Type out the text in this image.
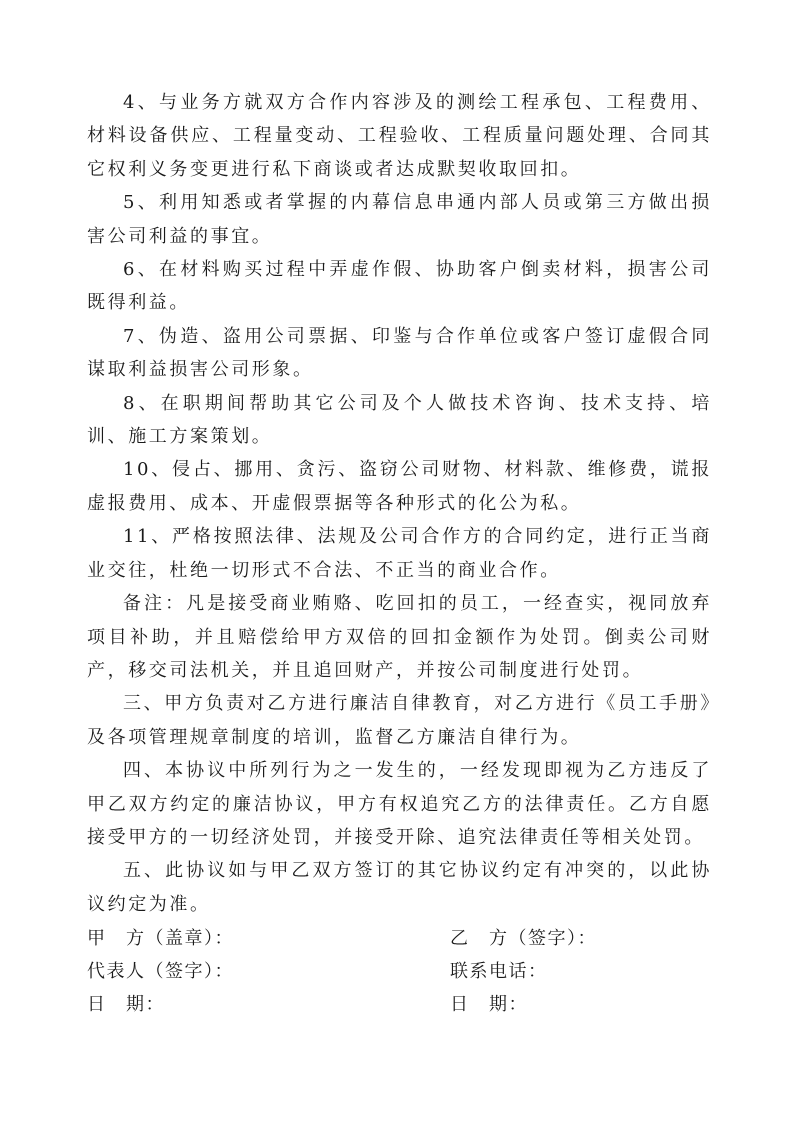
4、与业务方就双方合作内容涉及的测绘工程承包、工程费用、材料设备供应、工程量变动、工程验收、工程质量问题处理、合同其它权利义务变更进行私下商谈或者达成默契收取回扣。

5、利用知悉或者掌握的内幕信息串通内部人员或第三方做出损害公司利益的事宜。

6、在材料购买过程中弄虚作假、协助客户倒卖材料，损害公司既得利益。

7、伪造、盗用公司票据、印鉴与合作单位或客户签订虚假合同谋取利益损害公司形象。

8、在职期间帮助其它公司及个人做技术咨询、技术支持、培训、施工方案策划。

10、侵占、挪用、贪污、盗窃公司财物、材料款、维修费，谎报虚报费用、成本、开虚假票据等各种形式的化公为私。

11、严格按照法律、法规及公司合作方的合同约定，进行正当商业交往，杜绝一切形式不合法、不正当的商业合作。

备注：凡是接受商业贿赂、吃回扣的员工，一经查实，视同放弃项目补助，并且赔偿给甲方双倍的回扣金额作为处罚。倒卖公司财产，移交司法机关，并且追回财产，并按公司制度进行处罚。

三、甲方负责对乙方进行廉洁自律教育，对乙方进行《员工手册》及各项管理规章制度的培训，监督乙方廉洁自律行为。

四、本协议中所列行为之一发生的，一经发现即视为乙方违反了甲乙双方约定的廉洁协议，甲方有权追究乙方的法律责任。乙方自愿接受甲方的一切经济处罚，并接受开除、追究法律责任等相关处罚。

五、此协议如与甲乙双方签订的其它协议约定有冲突的，以此协议约定为准。

甲　方（盖章）：	乙　方（签字）：
代表人（签字）：	联系电话：
日　期：	日　期：
